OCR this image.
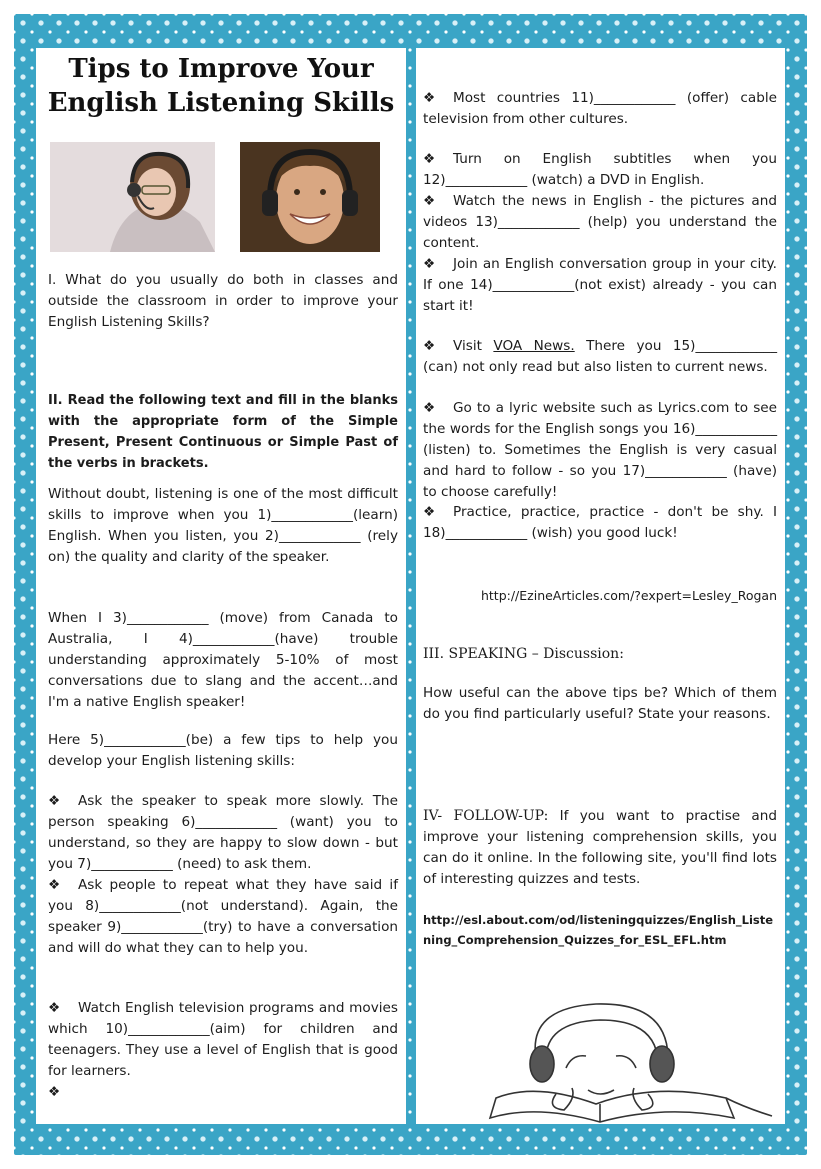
Tips to Improve Your
English Listening Skills
I. What do you usually do both in classes and outside the classroom in order to improve your English Listening Skills?
II. Read the following text and fill in the blanks with the appropriate form of the Simple Present, Present Continuous or Simple Past of the verbs in brackets.
Without doubt, listening is one of the most difficult skills to improve when you 1)____________(learn) English. When you listen, you 2)____________ (rely on) the quality and clarity of the speaker.
When I 3)____________ (move) from Canada to Australia, I 4)____________(have) trouble understanding approximately 5-10% of most conversations due to slang and the accent…and I'm a native English speaker!
Here 5)____________(be) a few tips to help you develop your English listening skills:
❖ Ask the speaker to speak more slowly. The person speaking 6)____________ (want) you to understand, so they are happy to slow down - but you 7)____________ (need) to ask them.
❖ Ask people to repeat what they have said if you 8)____________(not understand). Again, the speaker 9)____________(try) to have a conversation and will do what they can to help you.
❖ Watch English television programs and movies which 10)____________(aim) for children and teenagers. They use a level of English that is good for learners.
❖
❖ Most countries 11)____________ (offer) cable television from other cultures.
❖ Turn on English subtitles when you 12)____________ (watch) a DVD in English.
❖ Watch the news in English - the pictures and videos 13)____________ (help) you understand the content.
❖ Join an English conversation group in your city. If one 14)____________(not exist) already - you can start it!
❖ Visit VOA News. There you 15)____________ (can) not only read but also listen to current news.
❖ Go to a lyric website such as Lyrics.com to see the words for the English songs you 16)____________ (listen) to. Sometimes the English is very casual and hard to follow - so you 17)____________ (have) to choose carefully!
❖ Practice, practice, practice - don't be shy. I 18)____________ (wish) you good luck!
http://EzineArticles.com/?expert=Lesley_Rogan
III. SPEAKING – Discussion:
How useful can the above tips be? Which of them do you find particularly useful? State your reasons.
IV- FOLLOW-UP: If you want to practise and improve your listening comprehension skills, you can do it online. In the following site, you'll find lots of interesting quizzes and tests.
http://esl.about.com/od/listeningquizzes/English_Listening_Comprehension_Quizzes_for_ESL_EFL.htm
